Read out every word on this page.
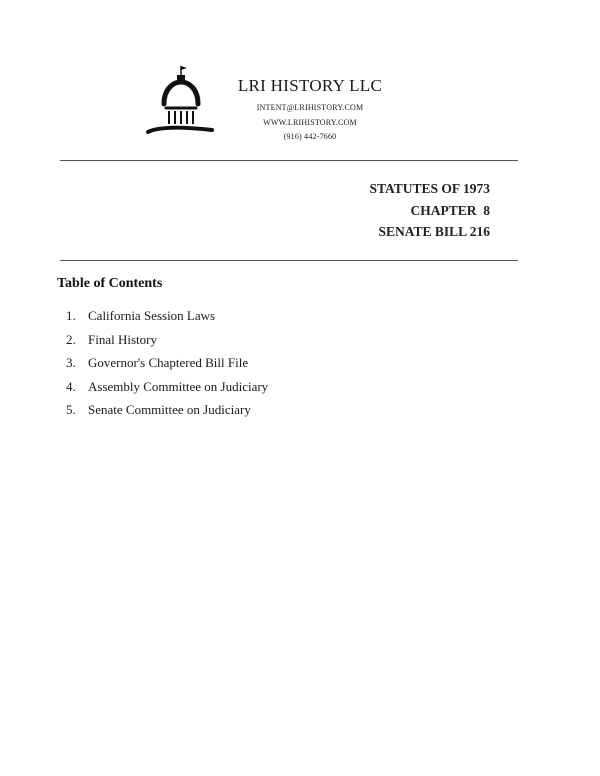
LRI HISTORY LLC
INTENT@LRIHISTORY.COM
WWW.LRIHISTORY.COM
(916) 442-7660
STATUTES OF 1973
CHAPTER  8
SENATE BILL 216
Table of Contents
1. California Session Laws
2. Final History
3. Governor's Chaptered Bill File
4. Assembly Committee on Judiciary
5. Senate Committee on Judiciary
